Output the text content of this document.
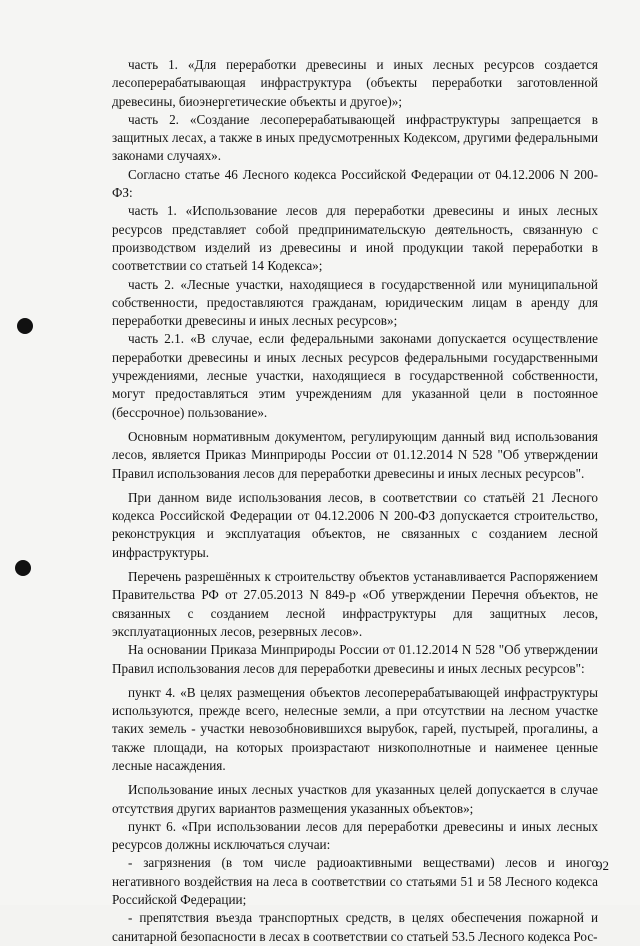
часть 1. «Для переработки древесины и иных лесных ресурсов создается лесоперерабатывающая инфраструктура (объекты переработки заготовленной древесины, биоэнергетические объекты и другое)»;

часть 2. «Создание лесоперерабатывающей инфраструктуры запрещается в защитных лесах, а также в иных предусмотренных Кодексом, другими федеральными законами случаях».

Согласно статье 46 Лесного кодекса Российской Федерации от 04.12.2006 N 200-ФЗ:

часть 1. «Использование лесов для переработки древесины и иных лесных ресурсов представляет собой предпринимательскую деятельность, связанную с производством изделий из древесины и иной продукции такой переработки в соответствии со статьей 14 Кодекса»;

часть 2. «Лесные участки, находящиеся в государственной или муниципальной собственности, предоставляются гражданам, юридическим лицам в аренду для переработки древесины и иных лесных ресурсов»;

часть 2.1. «В случае, если федеральными законами допускается осуществление переработки древесины и иных лесных ресурсов федеральными государственными учреждениями, лесные участки, находящиеся в государственной собственности, могут предоставляться этим учреждениям для указанной цели в постоянное (бессрочное) пользование».

Основным нормативным документом, регулирующим данный вид использования лесов, является Приказ Минприроды России от 01.12.2014 N 528 "Об утверждении Правил использования лесов для переработки древесины и иных лесных ресурсов".

При данном виде использования лесов, в соответствии со статьёй 21 Лесного кодекса Российской Федерации от 04.12.2006 N 200-ФЗ допускается строительство, реконструкция и эксплуатация объектов, не связанных с созданием лесной инфраструктуры.

Перечень разрешённых к строительству объектов устанавливается Распоряжением Правительства РФ от 27.05.2013 N 849-р «Об утверждении Перечня объектов, не связанных с созданием лесной инфраструктуры для защитных лесов, эксплуатационных лесов, резервных лесов».

На основании Приказа Минприроды России от 01.12.2014 N 528 "Об утверждении Правил использования лесов для переработки древесины и иных лесных ресурсов":

пункт 4. «В целях размещения объектов лесоперерабатывающей инфраструктуры используются, прежде всего, нелесные земли, а при отсутствии на лесном участке таких земель - участки невозобновившихся вырубок, гарей, пустырей, прогалины, а также площади, на которых произрастают низкополнотные и наименее ценные лесные насаждения.

Использование иных лесных участков для указанных целей допускается в случае отсутствия других вариантов размещения указанных объектов»;

пункт 6. «При использовании лесов для переработки древесины и иных лесных ресурсов должны исключаться случаи:

- загрязнения (в том числе радиоактивными веществами) лесов и иного негативного воздействия на леса в соответствии со статьями 51 и 58 Лесного кодекса Российской Федерации;

- препятствия въезда транспортных средств, в целях обеспечения пожарной и санитарной безопасности в лесах в соответствии со статьей 53.5 Лесного кодекса Рос-

92
